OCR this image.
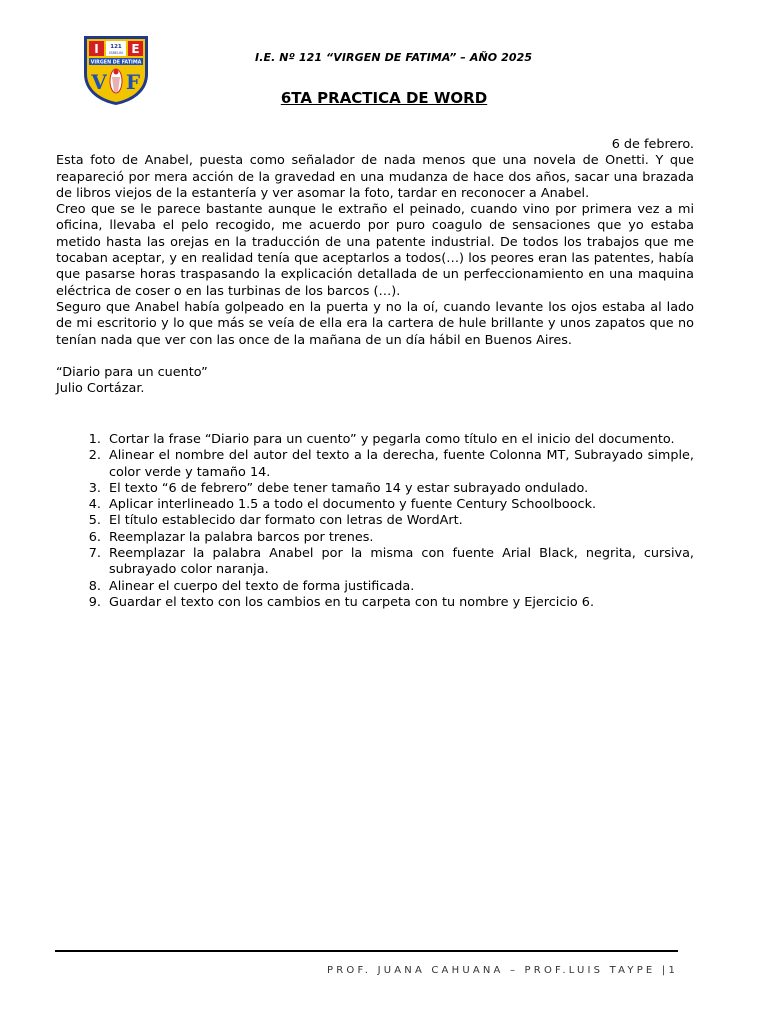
I	E
121
ISBELIN
VIRGEN DE FATIMA
V F
I.E. Nº 121 “VIRGEN DE FATIMA” – AÑO 2025
6TA PRACTICA DE WORD

6 de febrero.

Esta foto de Anabel, puesta como señalador de nada menos que una novela de Onetti. Y que reapareció por mera acción de la gravedad en una mudanza de hace dos años, sacar una brazada de libros viejos de la estantería y ver asomar la foto, tardar en reconocer a Anabel.

Creo que se le parece bastante aunque le extraño el peinado, cuando vino por primera vez a mi oficina, llevaba el pelo recogido, me acuerdo por puro coagulo de sensaciones que yo estaba metido hasta las orejas en la traducción de una patente industrial. De todos los trabajos que me tocaban aceptar, y en realidad tenía que aceptarlos a todos(…) los peores eran las patentes, había que pasarse horas traspasando la explicación detallada de un perfeccionamiento en una maquina eléctrica de coser o en las turbinas de los barcos (…).

Seguro que Anabel había golpeado en la puerta y no la oí, cuando levante los ojos estaba al lado de mi escritorio y lo que más se veía de ella era la cartera de hule brillante y unos zapatos que no tenían nada que ver con las once de la mañana de un día hábil en Buenos Aires.

“Diario para un cuento”

Julio Cortázar.

1. Cortar la frase “Diario para un cuento” y pegarla como título en el inicio del documento.
2. Alinear el nombre del autor del texto a la derecha, fuente Colonna MT, Subrayado simple, color verde y tamaño 14.
3. El texto “6 de febrero” debe tener tamaño 14 y estar subrayado ondulado.
4. Aplicar interlineado 1.5 a todo el documento y fuente Century Schoolboock.
5. El título establecido dar formato con letras de WordArt.
6. Reemplazar la palabra barcos por trenes.
7. Reemplazar la palabra Anabel por la misma con fuente Arial Black, negrita, cursiva, subrayado color naranja.
8. Alinear el cuerpo del texto de forma justificada.
9. Guardar el texto con los cambios en tu carpeta con tu nombre y Ejercicio 6.
PROF. JUANA CAHUANA – PROF.LUIS TAYPE |1
